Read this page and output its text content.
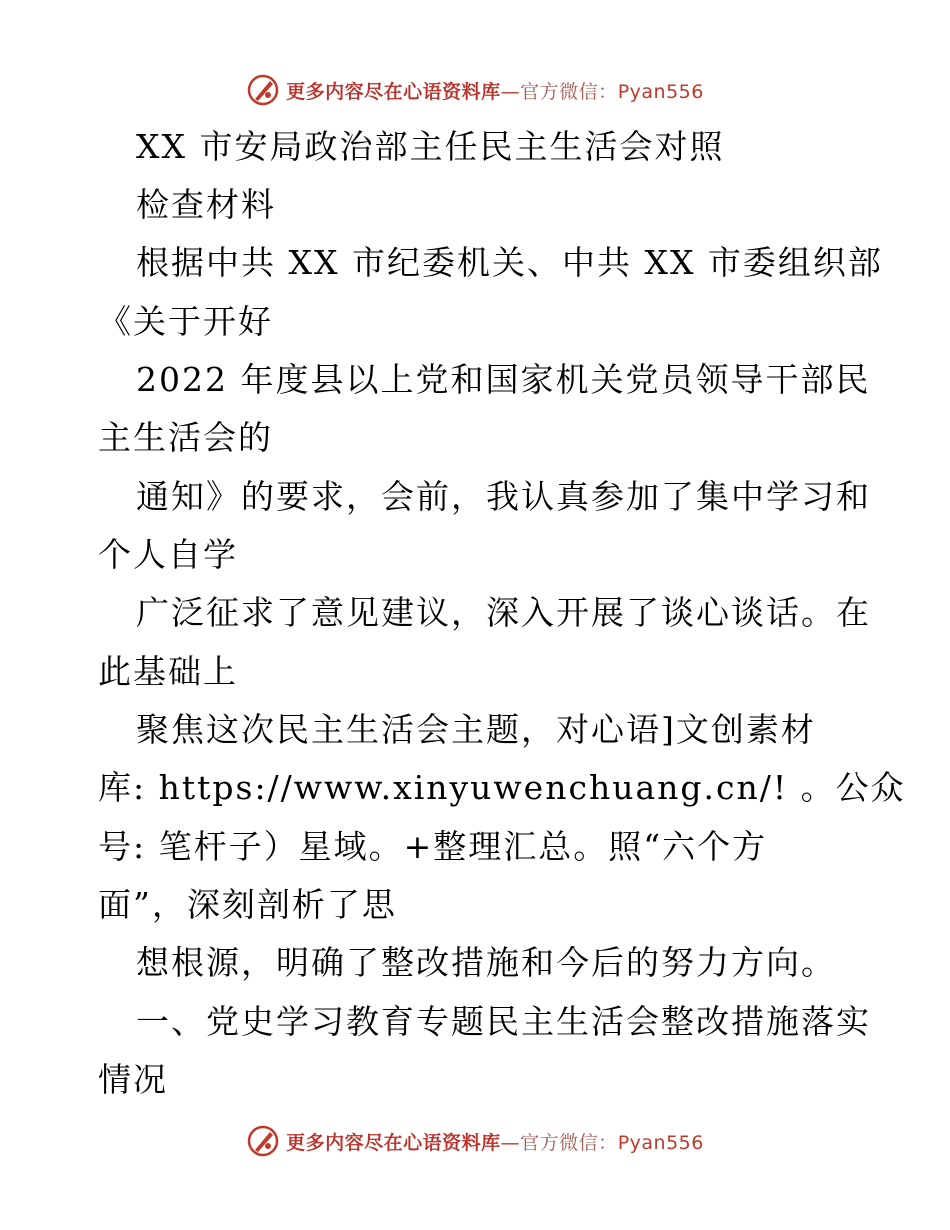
更多内容尽在心语资料库—官方微信：Pyan556
XX 市安局政治部主任民主生活会对照
检查材料
根据中共 XX 市纪委机关、中共 XX 市委组织部
《关于开好
2022 年度县以上党和国家机关党员领导干部民
主生活会的
通知》的要求，会前，我认真参加了集中学习和
个人自学
广泛征求了意见建议，深入开展了谈心谈话。在
此基础上
聚焦这次民主生活会主题，对心语]文创素材
库: https://www.xinyuwenchuang.cn/! 。公众
号: 笔杆子）星域。+整理汇总。照“六个方
面”，深刻剖析了思
想根源，明确了整改措施和今后的努力方向。
一、党史学习教育专题民主生活会整改措施落实
情况
更多内容尽在心语资料库—官方微信：Pyan556
